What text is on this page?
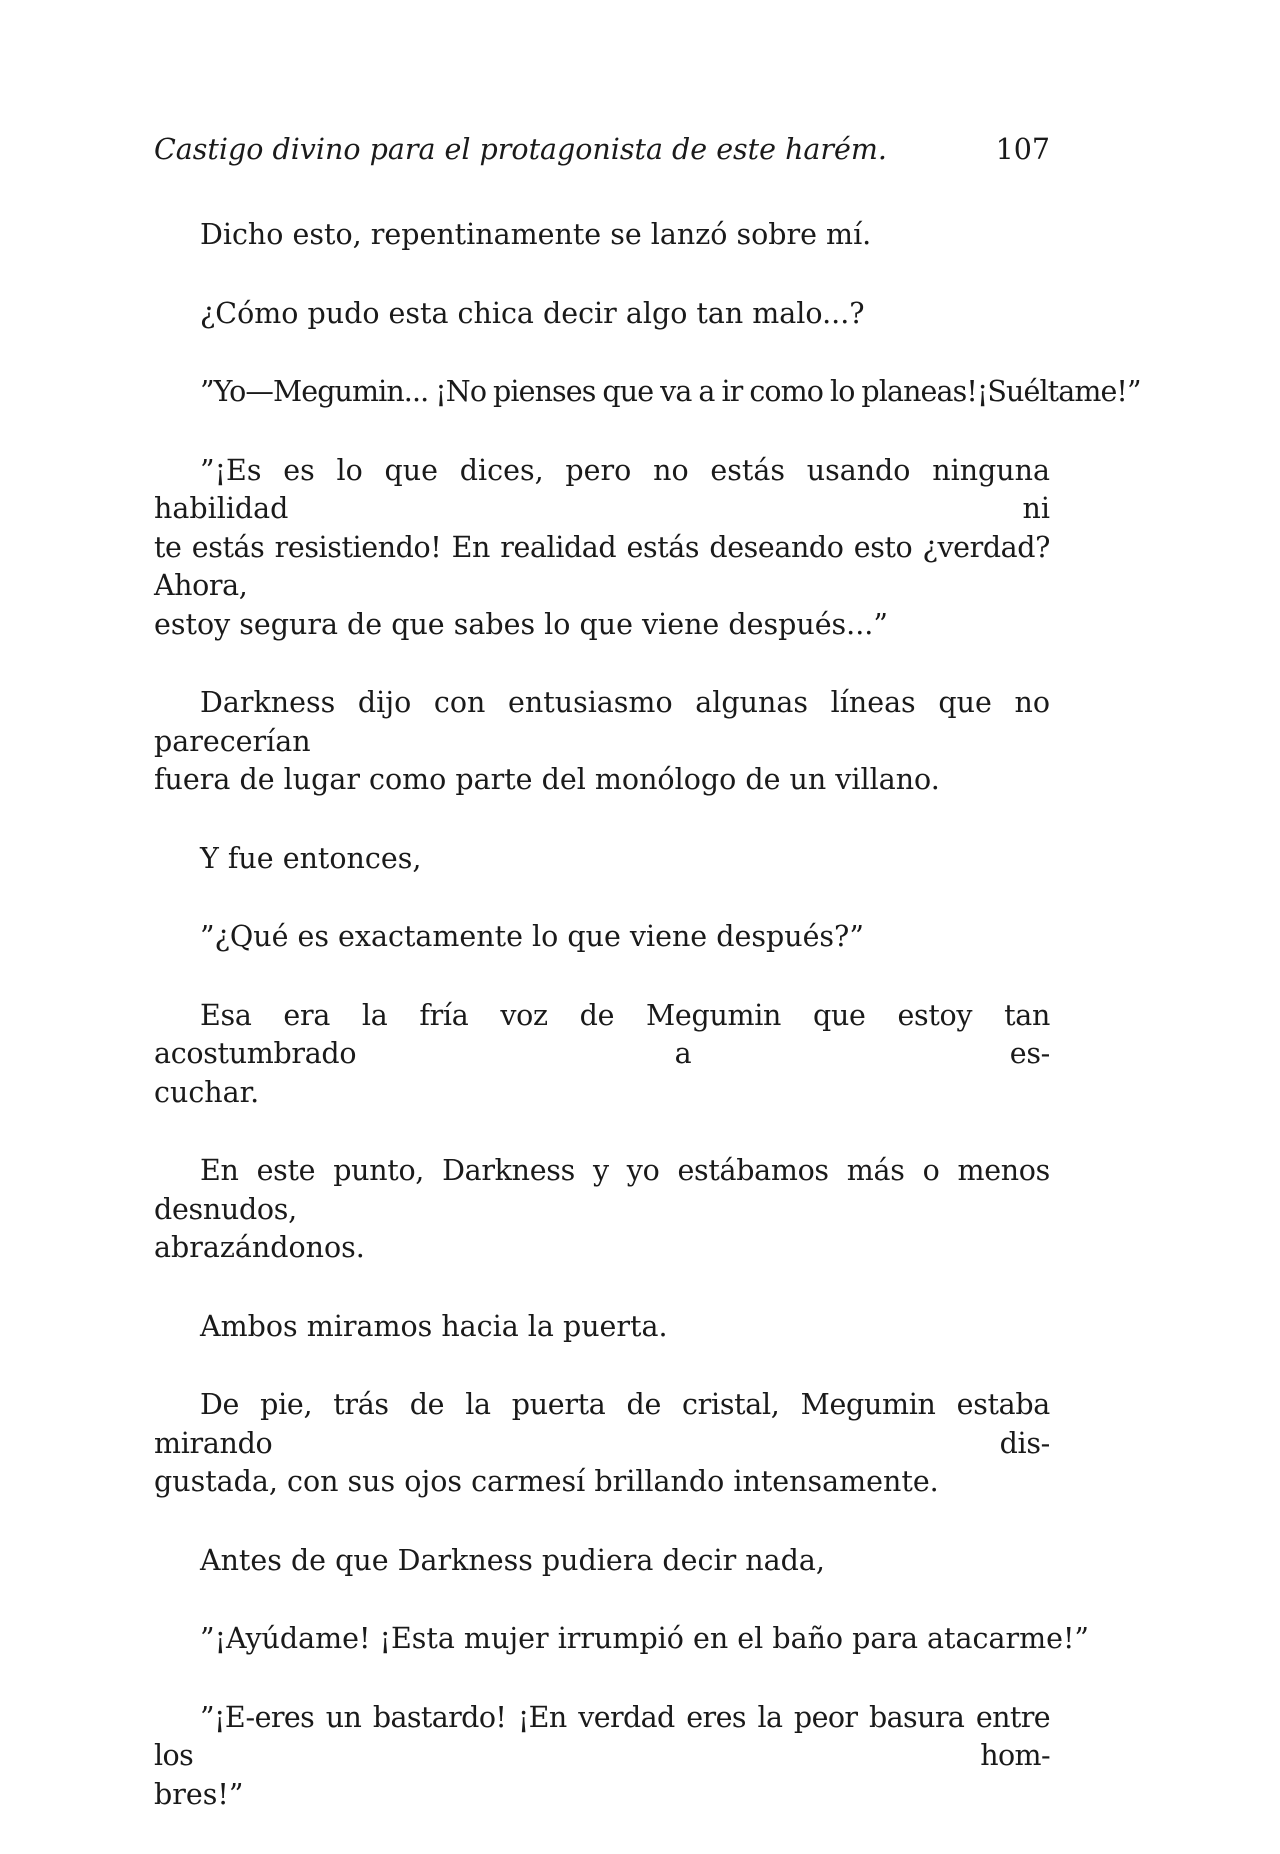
Castigo divino para el protagonista de este harém.	107

Dicho esto, repentinamente se lanzó sobre mí.

¿Cómo pudo esta chica decir algo tan malo...?

”Yo—Megumin... ¡No pienses que va a ir como lo planeas!¡Suéltame!”

”¡Es es lo que dices, pero no estás usando ninguna habilidad ni
te estás resistiendo! En realidad estás deseando esto ¿verdad? Ahora,
estoy segura de que sabes lo que viene después...”

Darkness dijo con entusiasmo algunas líneas que no parecerían
fuera de lugar como parte del monólogo de un villano.

Y fue entonces,

”¿Qué es exactamente lo que viene después?”

Esa era la fría voz de Megumin que estoy tan acostumbrado a es-
cuchar.

En este punto, Darkness y yo estábamos más o menos desnudos,
abrazándonos.

Ambos miramos hacia la puerta.

De pie, trás de la puerta de cristal, Megumin estaba mirando dis-
gustada, con sus ojos carmesí brillando intensamente.

Antes de que Darkness pudiera decir nada,

”¡Ayúdame! ¡Esta mujer irrumpió en el baño para atacarme!”

”¡E-eres un bastardo! ¡En verdad eres la peor basura entre los hom-
bres!”
